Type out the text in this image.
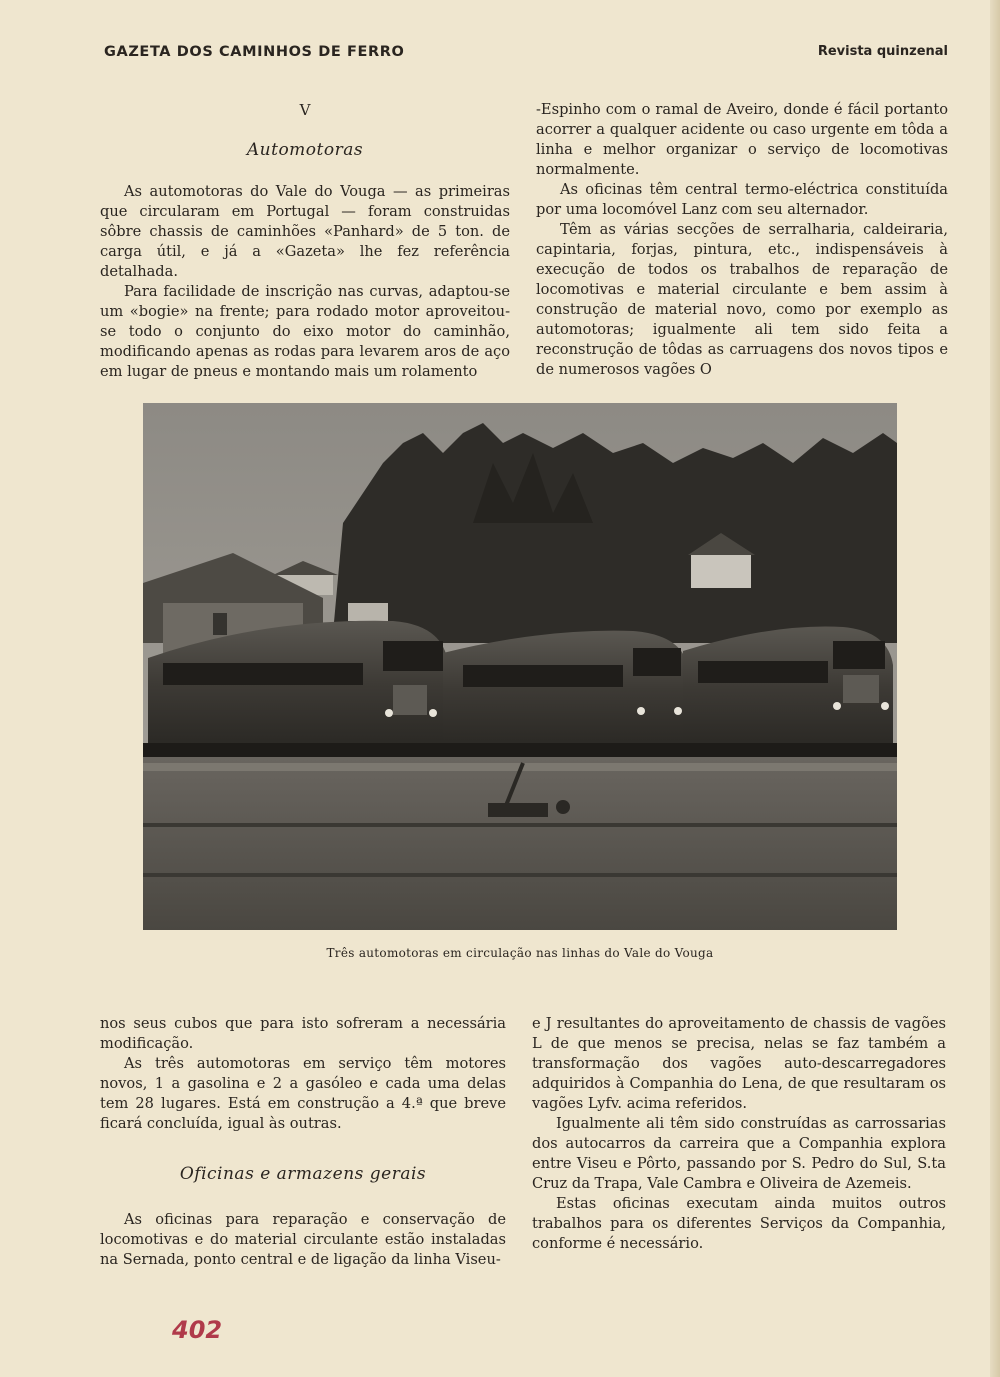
GAZETA DOS CAMINHOS DE FERRO	Revista quinzenal
V
Automotoras

As automotoras do Vale do Vouga — as primeiras que circularam em Portugal — foram construidas sôbre chassis de caminhões «Panhard» de 5 ton. de carga útil, e já a «Gazeta» lhe fez referência detalhada.

Para facilidade de inscrição nas curvas, adaptou-se um «bogie» na frente; para rodado motor aproveitou-se todo o conjunto do eixo motor do caminhão, modificando apenas as rodas para levarem aros de aço em lugar de pneus e montando mais um rolamento

-Espinho com o ramal de Aveiro, donde é fácil portanto acorrer a qualquer acidente ou caso urgente em tôda a linha e melhor organizar o serviço de locomotivas normalmente.

As oficinas têm central termo-eléctrica constituída por uma locomóvel Lanz com seu alternador.

Têm as várias secções de serralharia, caldeiraria, capintaria, forjas, pintura, etc., indispensáveis à execução de todos os trabalhos de reparação de locomotivas e material circulante e bem assim à construção de material novo, como por exemplo as automotoras; igualmente ali tem sido feita a reconstrução de tôdas as carruagens dos novos tipos e de numerosos vagões O

Três automotoras em circulação nas linhas do Vale do Vouga

nos seus cubos que para isto sofreram a necessária modificação.

As três automotoras em serviço têm motores novos, 1 a gasolina e 2 a gasóleo e cada uma delas tem 28 lugares. Está em construção a 4.ª que breve ficará concluída, igual às outras.

Oficinas e armazens gerais

As oficinas para reparação e conservação de locomotivas e do material circulante estão instaladas na Sernada, ponto central e de ligação da linha Viseu-

e J resultantes do aproveitamento de chassis de vagões L de que menos se precisa, nelas se faz também a transformação dos vagões auto-descarregadores adquiridos à Companhia do Lena, de que resultaram os vagões Lyfv. acima referidos.

Igualmente ali têm sido construídas as carrossarias dos autocarros da carreira que a Companhia explora entre Viseu e Pôrto, passando por S. Pedro do Sul, S.ta Cruz da Trapa, Vale Cambra e Oliveira de Azemeis.

Estas oficinas executam ainda muitos outros trabalhos para os diferentes Serviços da Companhia, conforme é necessário.

402
